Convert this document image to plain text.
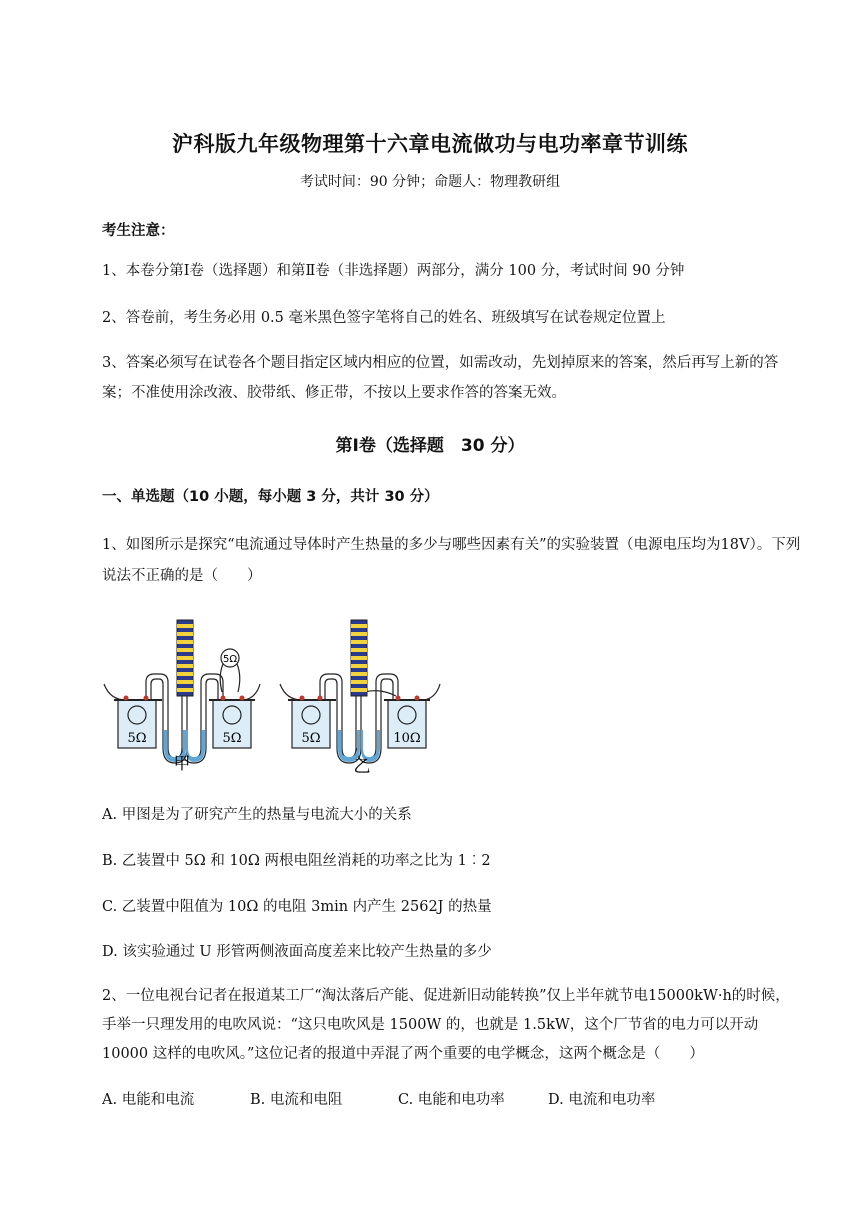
沪科版九年级物理第十六章电流做功与电功率章节训练
考试时间：90 分钟；命题人：物理教研组
考生注意：
1、本卷分第Ⅰ卷（选择题）和第Ⅱ卷（非选择题）两部分，满分 100 分，考试时间 90 分钟
2、答卷前，考生务必用 0.5 毫米黑色签字笔将自己的姓名、班级填写在试卷规定位置上
3、答案必须写在试卷各个题目指定区域内相应的位置，如需改动，先划掉原来的答案，然后再写上新的答案；不准使用涂改液、胶带纸、修正带，不按以上要求作答的答案无效。
第Ⅰ卷（选择题　30 分）
一、单选题（10 小题，每小题 3 分，共计 30 分）
1、如图所示是探究“电流通过导体时产生热量的多少与哪些因素有关”的实验装置（电源电压均为18V）。下列说法不正确的是（　　）
5Ω
5Ω	5Ω
甲
5Ω	10Ω
乙
A. 甲图是为了研究产生的热量与电流大小的关系
B. 乙装置中 5Ω 和 10Ω 两根电阻丝消耗的功率之比为 1︰2
C. 乙装置中阻值为 10Ω 的电阻 3min 内产生 2562J 的热量
D. 该实验通过 U 形管两侧液面高度差来比较产生热量的多少
2、一位电视台记者在报道某工厂“淘汰落后产能、促进新旧动能转换”仅上半年就节电15000kW·h的时候，手举一只理发用的电吹风说：“这只电吹风是 1500W 的，也就是 1.5kW，这个厂节省的电力可以开动 10000 这样的电吹风。”这位记者的报道中弄混了两个重要的电学概念，这两个概念是（　　）
A. 电能和电流	B. 电流和电阻	C. 电能和电功率	D. 电流和电功率
